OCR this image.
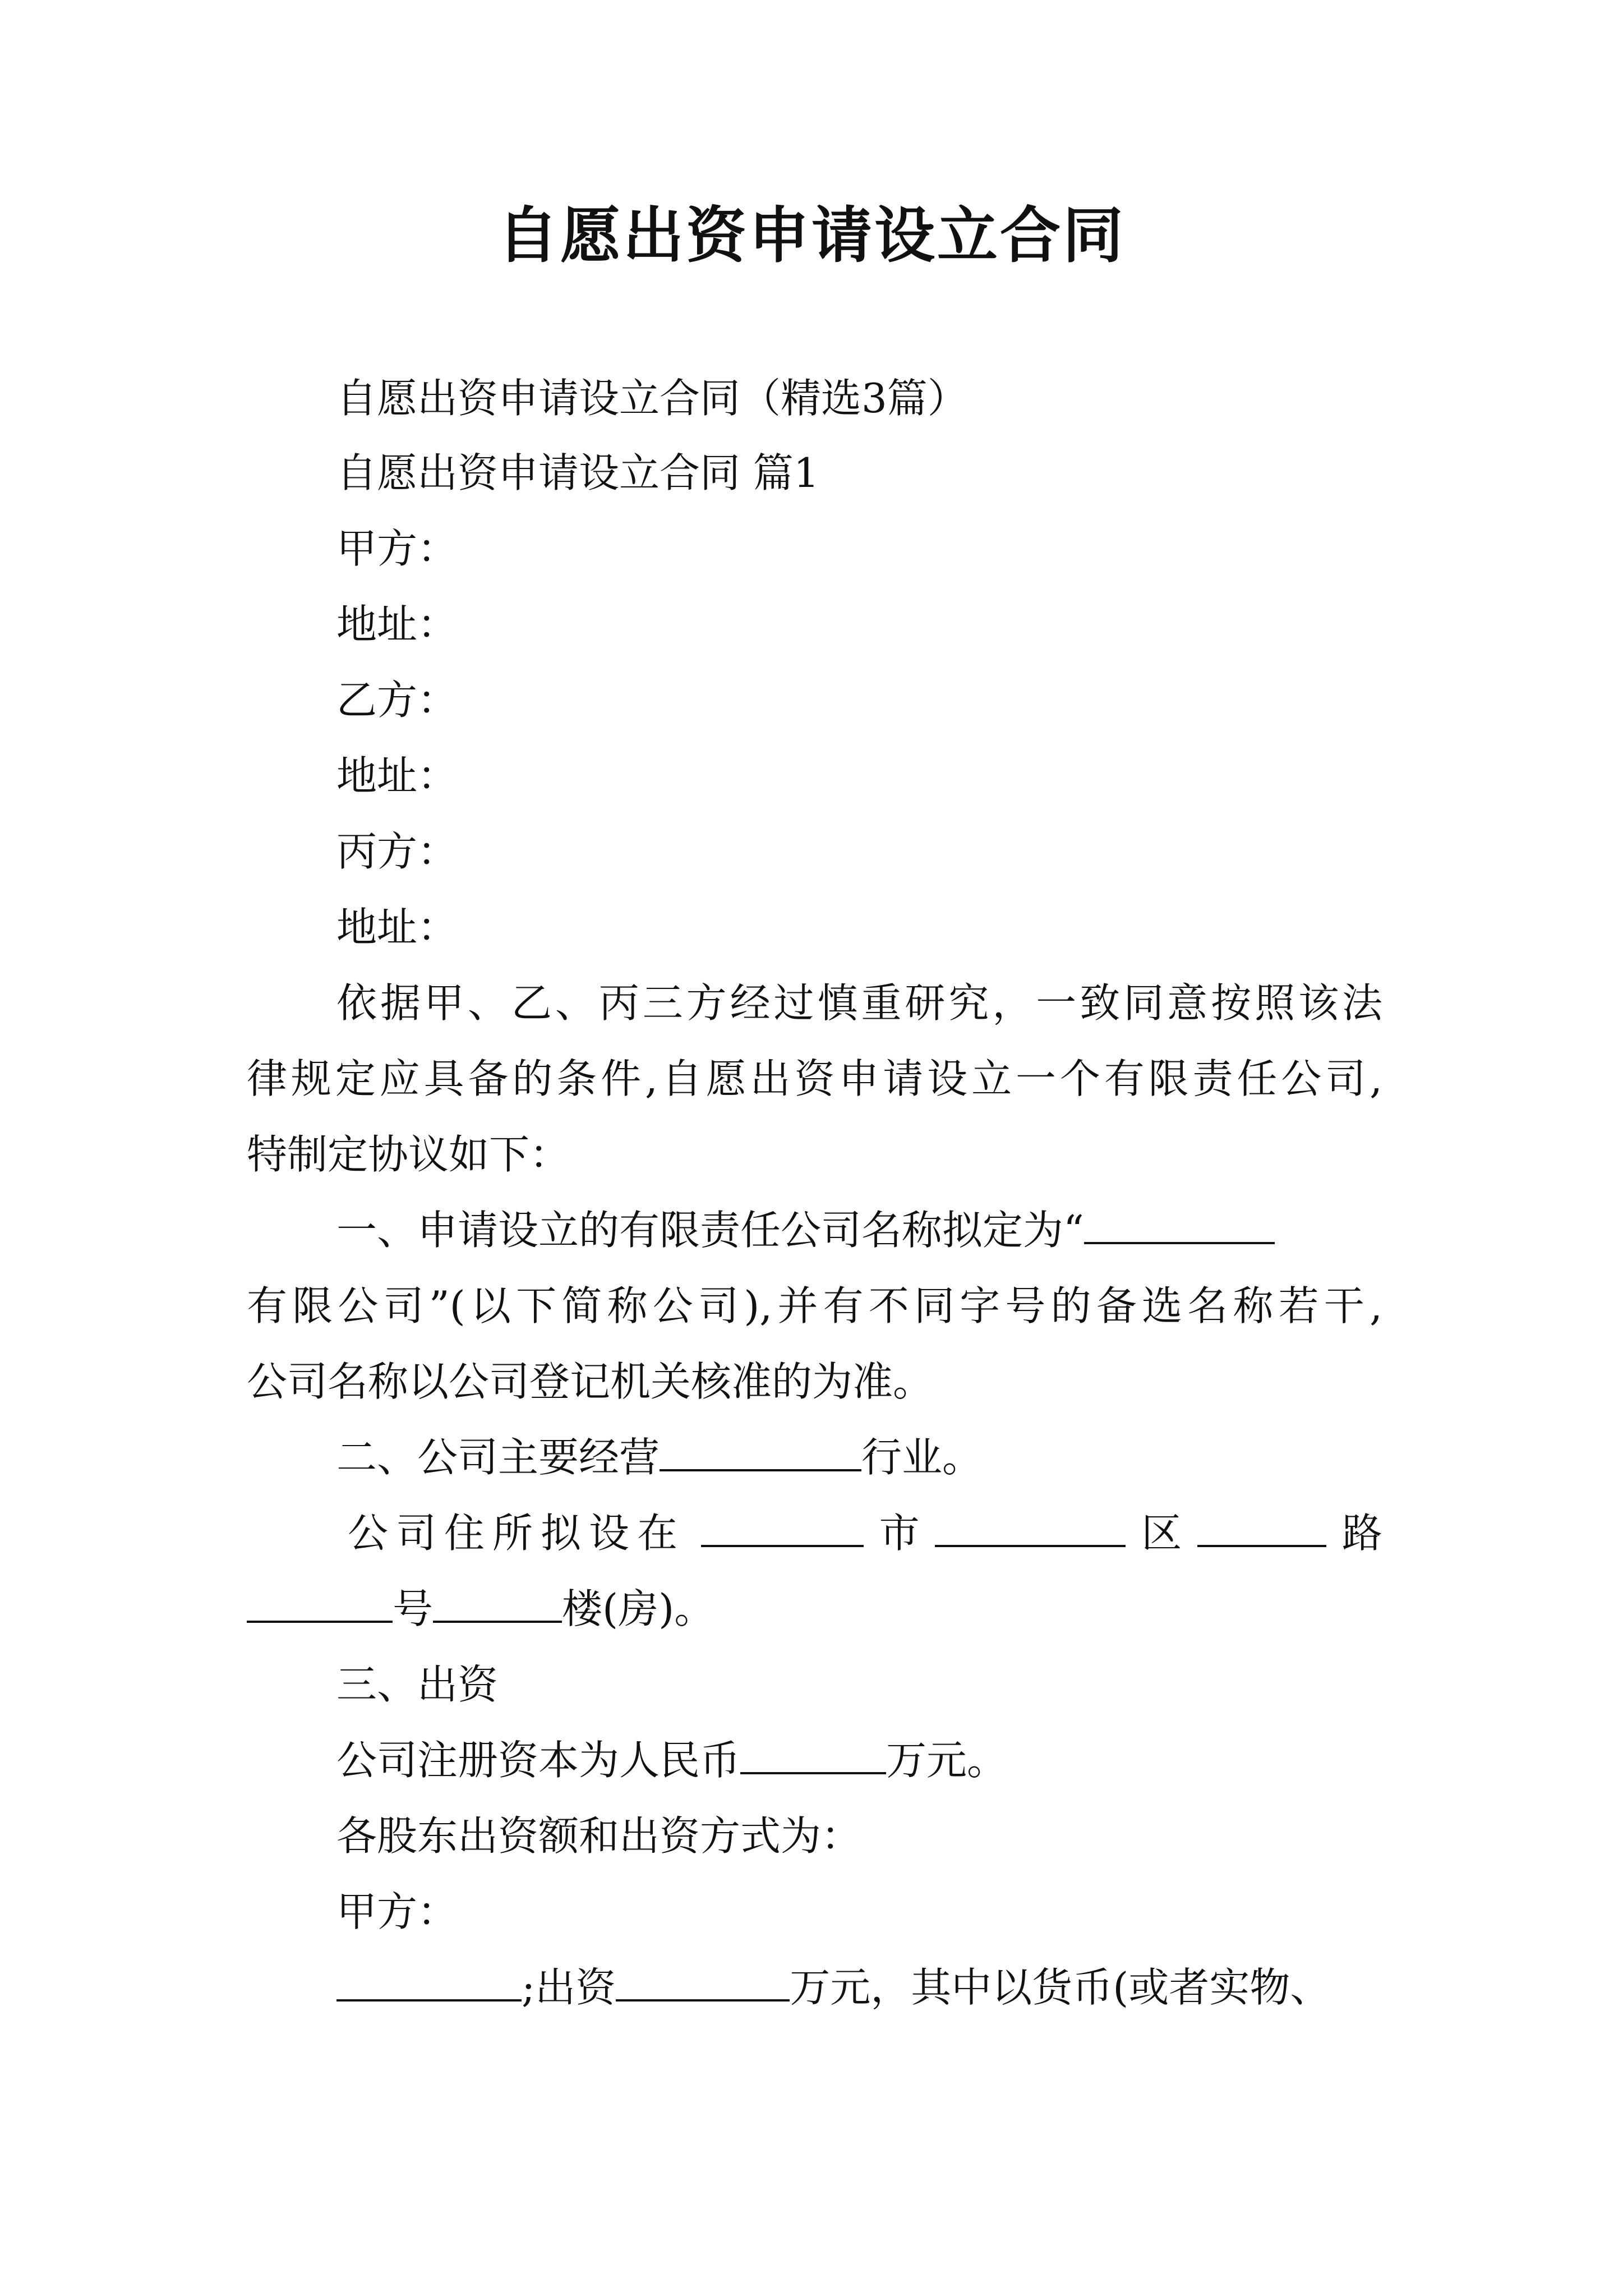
自愿出资申请设立合同
自愿出资申请设立合同（精选3篇）
自愿出资申请设立合同 篇1
甲方：
地址：
乙方：
地址：
丙方：
地址：
依据甲、乙、丙三方经过慎重研究，一致同意按照该法
律规定应具备的条件,自愿出资申请设立一个有限责任公司,
特制定协议如下：
一、申请设立的有限责任公司名称拟定为“
有限公司”(以下简称公司),并有不同字号的备选名称若干,
公司名称以公司登记机关核准的为准。
二、公司主要经营	行业。
公司住所拟设在	市	区	路
号	楼(房)。
三、出资
公司注册资本为人民币	万元。
各股东出资额和出资方式为：
甲方：
;出资	万元，其中以货币(或者实物、
